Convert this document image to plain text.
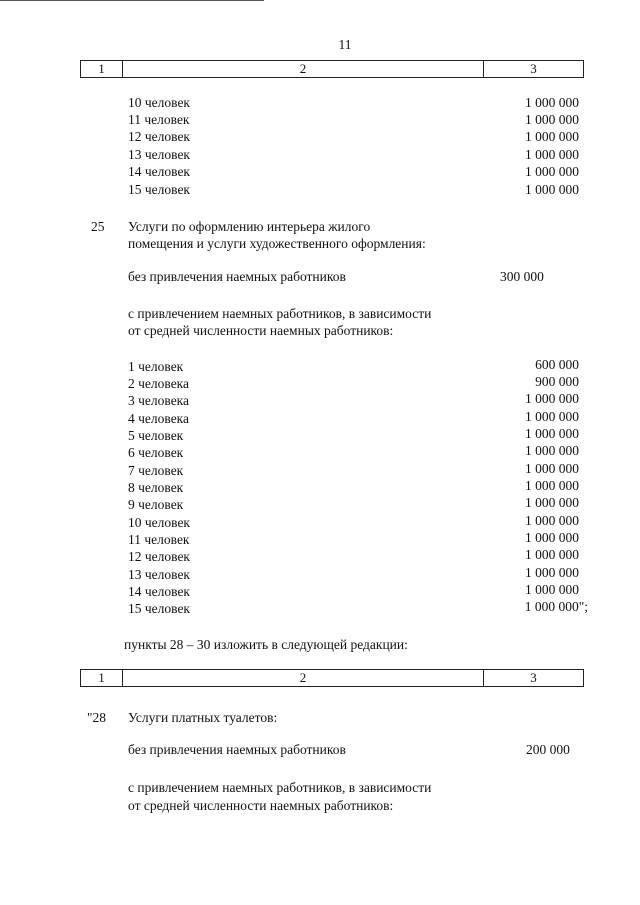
11
1	2	3
10 человек	1 000 000
11 человек	1 000 000
12 человек	1 000 000
13 человек	1 000 000
14 человек	1 000 000
15 человек	1 000 000
25 Услуги по оформлению интерьера жилого
помещения и услуги художественного оформления:
без привлечения наемных работников	300 000
с привлечением наемных работников, в зависимости
от средней численности наемных работников:
1 человек	600 000
2 человека	900 000
3 человека	1 000 000
4 человека	1 000 000
5 человек	1 000 000
6 человек	1 000 000
7 человек	1 000 000
8 человек	1 000 000
9 человек	1 000 000
10 человек	1 000 000
11 человек	1 000 000
12 человек	1 000 000
13 человек	1 000 000
14 человек	1 000 000
15 человек	1 000 000";
пункты 28 – 30 изложить в следующей редакции:
1	2	3
"28 Услуги платных туалетов:
без привлечения наемных работников	200 000
с привлечением наемных работников, в зависимости
от средней численности наемных работников:
